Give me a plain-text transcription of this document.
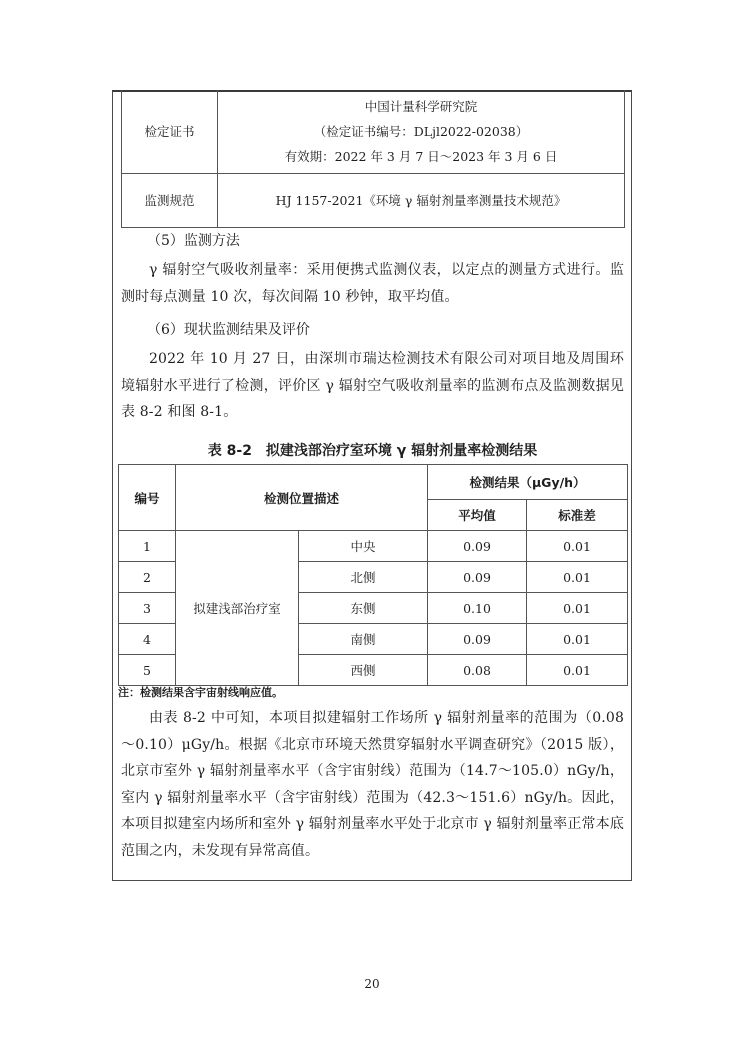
检定证书	中国计量科学研究院
（检定证书编号：DLjl2022-02038）
有效期：2022 年 3 月 7 日～2023 年 3 月 6 日

监测规范	HJ 1157-2021《环境 γ 辐射剂量率测量技术规范》
（5）监测方法
γ 辐射空气吸收剂量率：采用便携式监测仪表，以定点的测量方式进行。监测时每点测量 10 次，每次间隔 10 秒钟，取平均值。
（6）现状监测结果及评价
2022 年 10 月 27 日，由深圳市瑞达检测技术有限公司对项目地及周围环境辐射水平进行了检测，评价区 γ 辐射空气吸收剂量率的监测布点及监测数据见表 8-2 和图 8-1。
表 8-2　拟建浅部治疗室环境 γ 辐射剂量率检测结果
编号	检测位置描述		检测结果（μGy/h）	
			平均值	标准差
1	拟建浅部治疗室	中央	0.09	0.01
2		北侧	0.09	0.01
3		东侧	0.10	0.01
4		南侧	0.09	0.01
5		西侧	0.08	0.01
注：检测结果含宇宙射线响应值。
由表 8-2 中可知，本项目拟建辐射工作场所 γ 辐射剂量率的范围为（0.08～0.10）μGy/h。根据《北京市环境天然贯穿辐射水平调查研究》（2015 版），北京市室外 γ 辐射剂量率水平（含宇宙射线）范围为（14.7～105.0）nGy/h，室内 γ 辐射剂量率水平（含宇宙射线）范围为（42.3～151.6）nGy/h。因此，本项目拟建室内场所和室外 γ 辐射剂量率水平处于北京市 γ 辐射剂量率正常本底范围之内，未发现有异常高值。
20
